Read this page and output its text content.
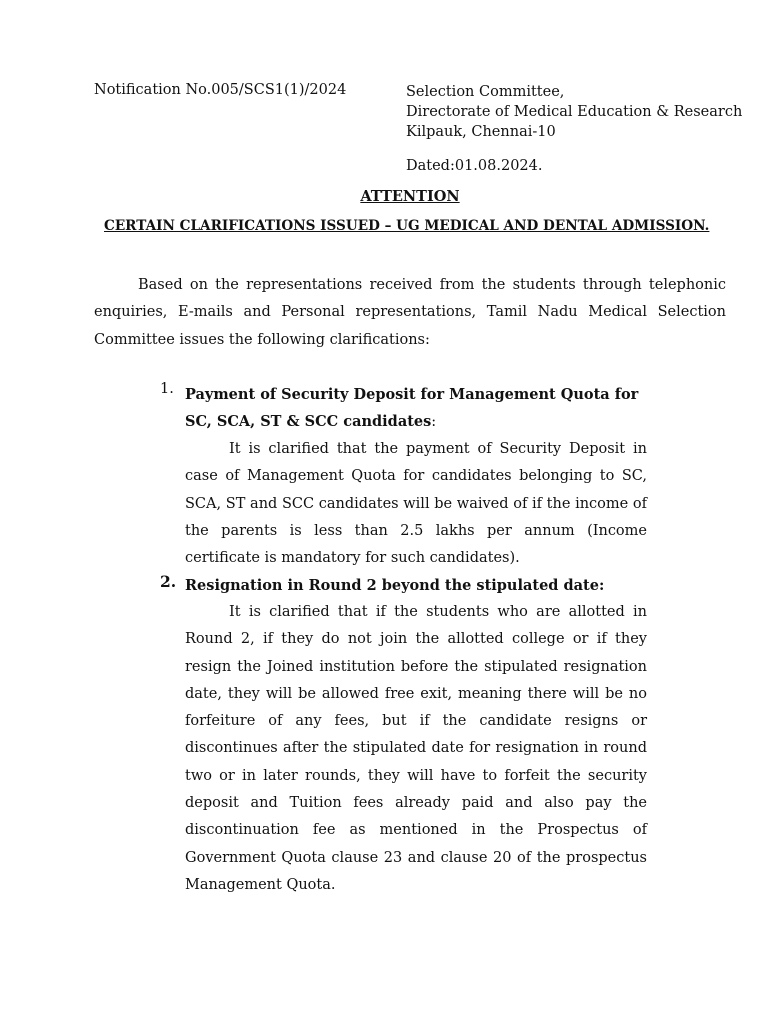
Notification No.005/SCS1(1)/2024	Selection Committee,
Directorate of Medical Education & Research
Kilpauk, Chennai-10
Dated:01.08.2024.
ATTENTION
CERTAIN CLARIFICATIONS ISSUED – UG MEDICAL AND DENTAL ADMISSION.

Based on the representations received from the students through telephonic enquiries, E-mails and Personal representations, Tamil Nadu Medical Selection Committee issues the following clarifications:

1. Payment of Security Deposit for Management Quota for SC, SCA, ST & SCC candidates:

It is clarified that the payment of Security Deposit in case of Management Quota for candidates belonging to SC, SCA, ST and SCC candidates will be waived of if the income of the parents is less than 2.5 lakhs per annum (Income certificate is mandatory for such candidates).

2. Resignation in Round 2 beyond the stipulated date:

It is clarified that if the students who are allotted in Round 2, if they do not join the allotted college or if they resign the Joined institution before the stipulated resignation date, they will be allowed free exit, meaning there will be no forfeiture of any fees, but if the candidate resigns or discontinues after the stipulated date for resignation in round two or in later rounds, they will have to forfeit the security deposit and Tuition fees already paid and also pay the discontinuation fee as mentioned in the Prospectus of Government Quota clause 23 and clause 20 of the prospectus Management Quota.
